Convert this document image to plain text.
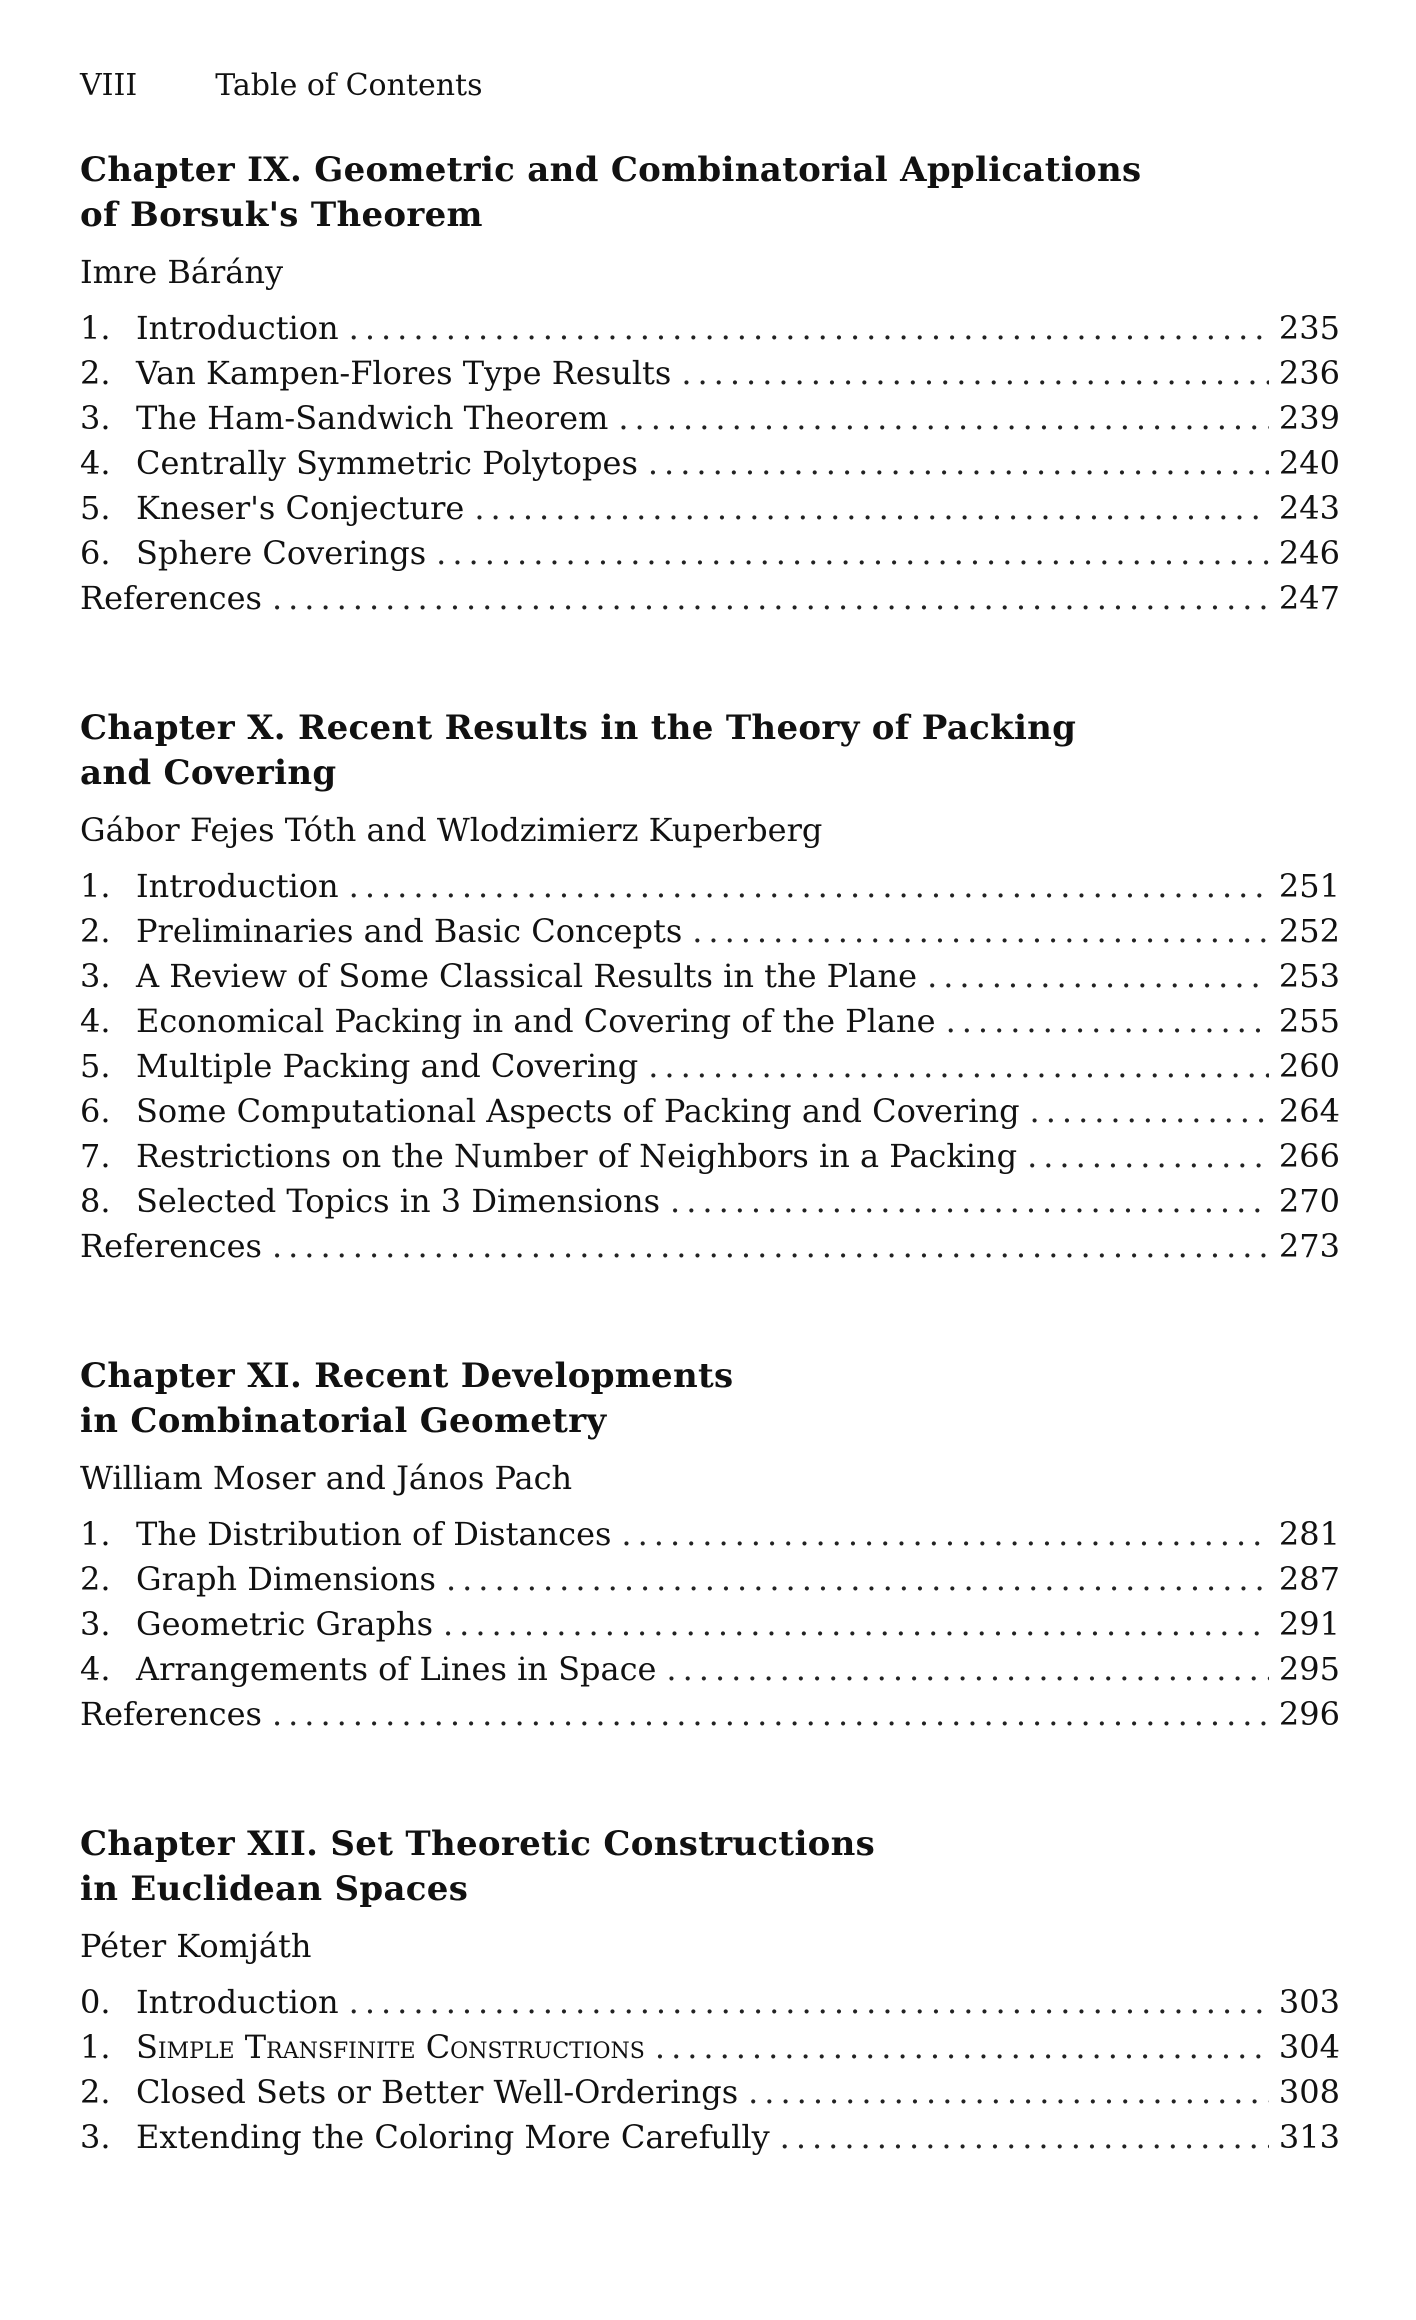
VIII	Table of Contents
Chapter IX. Geometric and Combinatorial Applications
of Borsuk's Theorem
Imre Bárány
1. Introduction .....	235
2. Van Kampen-Flores Type Results .....	236
3. The Ham-Sandwich Theorem .....	239
4. Centrally Symmetric Polytopes .....	240
5. Kneser's Conjecture .....	243
6. Sphere Coverings .....	246
References .....	247
Chapter X. Recent Results in the Theory of Packing
and Covering
Gábor Fejes Tóth and Wlodzimierz Kuperberg
1. Introduction .....	251
2. Preliminaries and Basic Concepts .....	252
3. A Review of Some Classical Results in the Plane .....	253
4. Economical Packing in and Covering of the Plane .....	255
5. Multiple Packing and Covering .....	260
6. Some Computational Aspects of Packing and Covering .....	264
7. Restrictions on the Number of Neighbors in a Packing .....	266
8. Selected Topics in 3 Dimensions .....	270
References .....	273
Chapter XI. Recent Developments
in Combinatorial Geometry
William Moser and János Pach
1. The Distribution of Distances .....	281
2. Graph Dimensions .....	287
3. Geometric Graphs .....	291
4. Arrangements of Lines in Space .....	295
References .....	296
Chapter XII. Set Theoretic Constructions
in Euclidean Spaces
Péter Komjáth
0. Introduction .....	303
1. Simple Transfinite Constructions .....	304
2. Closed Sets or Better Well-Orderings .....	308
3. Extending the Coloring More Carefully .....	313
